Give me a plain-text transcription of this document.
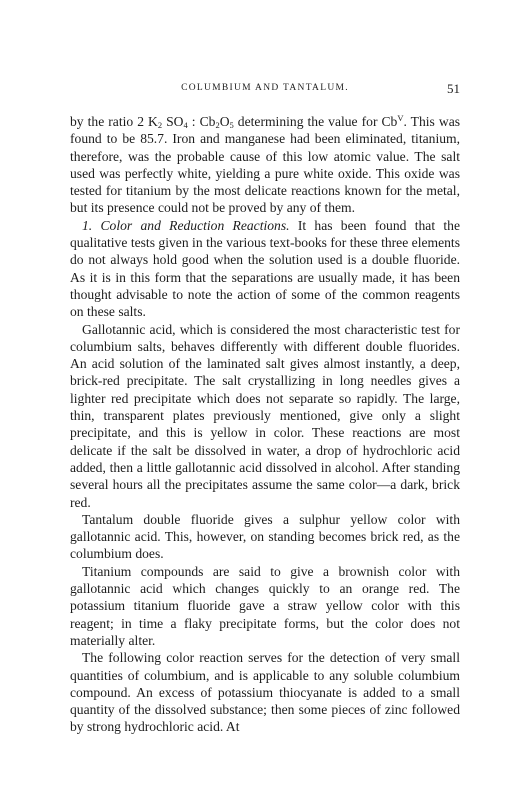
COLUMBIUM AND TANTALUM.	51

by the ratio 2 $K_2$ $SO_4$ : $Cb_2O_5$ determining the value for $Cb^V$. This was found to be 85.7. Iron and manganese had been eliminated, titanium, therefore, was the probable cause of this low atomic value. The salt used was perfectly white, yielding a pure white oxide. This oxide was tested for titanium by the most delicate reactions known for the metal, but its presence could not be proved by any of them.

1. Color and Reduction Reactions. It has been found that the qualitative tests given in the various text-books for these three elements do not always hold good when the solution used is a double fluoride. As it is in this form that the separations are usually made, it has been thought advisable to note the action of some of the common reagents on these salts.

Gallotannic acid, which is considered the most characteristic test for columbium salts, behaves differently with different double fluorides. An acid solution of the laminated salt gives almost instantly, a deep, brick-red precipitate. The salt crystallizing in long needles gives a lighter red precipitate which does not separate so rapidly. The large, thin, transparent plates previously mentioned, give only a slight precipitate, and this is yellow in color. These reactions are most delicate if the salt be dissolved in water, a drop of hydrochloric acid added, then a little gallotannic acid dissolved in alcohol. After standing several hours all the precipitates assume the same color—a dark, brick red.

Tantalum double fluoride gives a sulphur yellow color with gallotannic acid. This, however, on standing becomes brick red, as the columbium does.

Titanium compounds are said to give a brownish color with gallotannic acid which changes quickly to an orange red. The potassium titanium fluoride gave a straw yellow color with this reagent; in time a flaky precipitate forms, but the color does not materially alter.

The following color reaction serves for the detection of very small quantities of columbium, and is applicable to any soluble columbium compound. An excess of potassium thiocyanate is added to a small quantity of the dissolved substance; then some pieces of zinc followed by strong hydrochloric acid. At
